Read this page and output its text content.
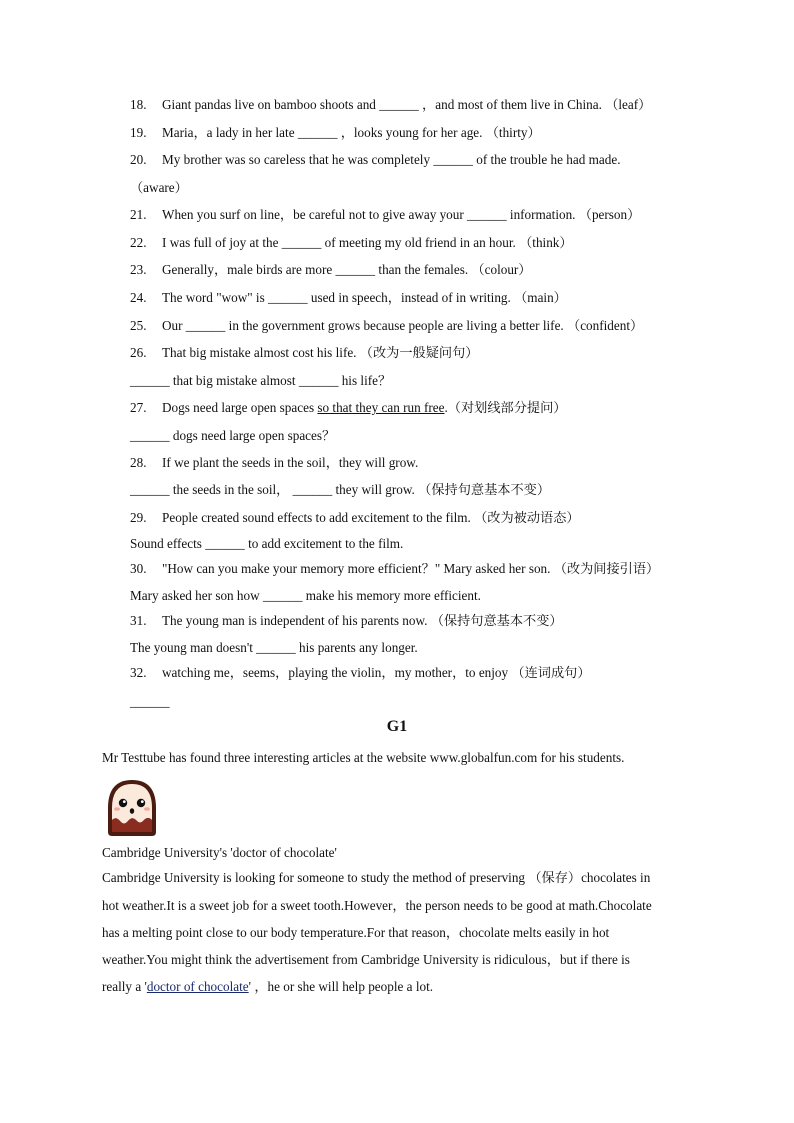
18. Giant pandas live on bamboo shoots and ______ ，and most of them live in China. （leaf）
19. Maria，a lady in her late ______ ，looks young for her age. （thirty）
20. My brother was so careless that he was completely ______ of the trouble he had made.
（aware）
21. When you surf on line，be careful not to give away your ______ information. （person）
22. I was full of joy at the ______ of meeting my old friend in an hour. （think）
23. Generally，male birds are more ______ than the females. （colour）
24. The word "wow" is ______ used in speech，instead of in writing. （main）
25. Our ______ in the government grows because people are living a better life. （confident）
26. That big mistake almost cost his life. （改为一般疑问句）
______ that big mistake almost ______ his life？
27. Dogs need large open spaces so that they can run free.（对划线部分提问）
______ dogs need large open spaces？
28. If we plant the seeds in the soil，they will grow.
______ the seeds in the soil， ______ they will grow. （保持句意基本不变）
29. People created sound effects to add excitement to the film. （改为被动语态）
Sound effects ______ to add excitement to the film.
30. "How can you make your memory more efficient？" Mary asked her son. （改为间接引语）
Mary asked her son how ______ make his memory more efficient.
31. The young man is independent of his parents now. （保持句意基本不变）
The young man doesn't ______ his parents any longer.
32. watching me，seems，playing the violin，my mother，to enjoy （连词成句）
______
G1
Mr Testtube has found three interesting articles at the website www.globalfun.com for his students.
Cambridge University's 'doctor of chocolate'
Cambridge University is looking for someone to study the method of preserving （保存）chocolates in
hot weather.It is a sweet job for a sweet tooth.However，the person needs to be good at math.Chocolate
has a melting point close to our body temperature.For that reason，chocolate melts easily in hot
weather.You might think the advertisement from Cambridge University is ridiculous，but if there is
really a 'doctor of chocolate' ，he or she will help people a lot.
